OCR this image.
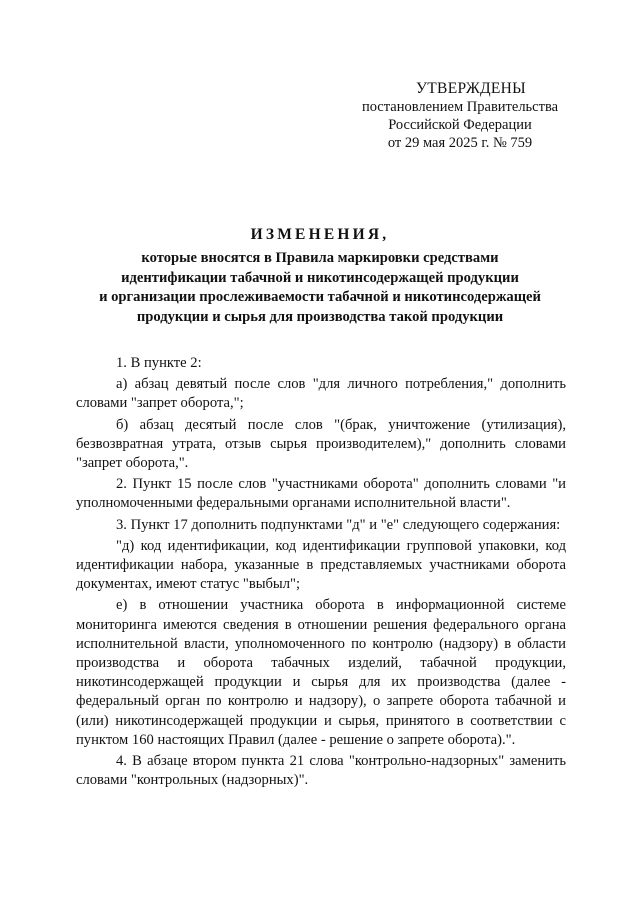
УТВЕРЖДЕНЫ
постановлением Правительства
Российской Федерации
от 29 мая 2025 г. № 759
ИЗМЕНЕНИЯ,
которые вносятся в Правила маркировки средствами
идентификации табачной и никотинсодержащей продукции
и организации прослеживаемости табачной и никотинсодержащей
продукции и сырья для производства такой продукции

1. В пункте 2:

а) абзац девятый после слов "для личного потребления," дополнить словами "запрет оборота,";

б) абзац десятый после слов "(брак, уничтожение (утилизация), безвозвратная утрата, отзыв сырья производителем)," дополнить словами "запрет оборота,".

2. Пункт 15 после слов "участниками оборота" дополнить словами "и уполномоченными федеральными органами исполнительной власти".

3. Пункт 17 дополнить подпунктами "д" и "е" следующего содержания:

"д) код идентификации, код идентификации групповой упаковки, код идентификации набора, указанные в представляемых участниками оборота документах, имеют статус "выбыл";

е) в отношении участника оборота в информационной системе мониторинга имеются сведения в отношении решения федерального органа исполнительной власти, уполномоченного по контролю (надзору) в области производства и оборота табачных изделий, табачной продукции, никотинсодержащей продукции и сырья для их производства (далее - федеральный орган по контролю и надзору), о запрете оборота табачной и (или) никотинсодержащей продукции и сырья, принятого в соответствии с пунктом 160 настоящих Правил (далее - решение о запрете оборота).".

4. В абзаце втором пункта 21 слова "контрольно-надзорных" заменить словами "контрольных (надзорных)".
